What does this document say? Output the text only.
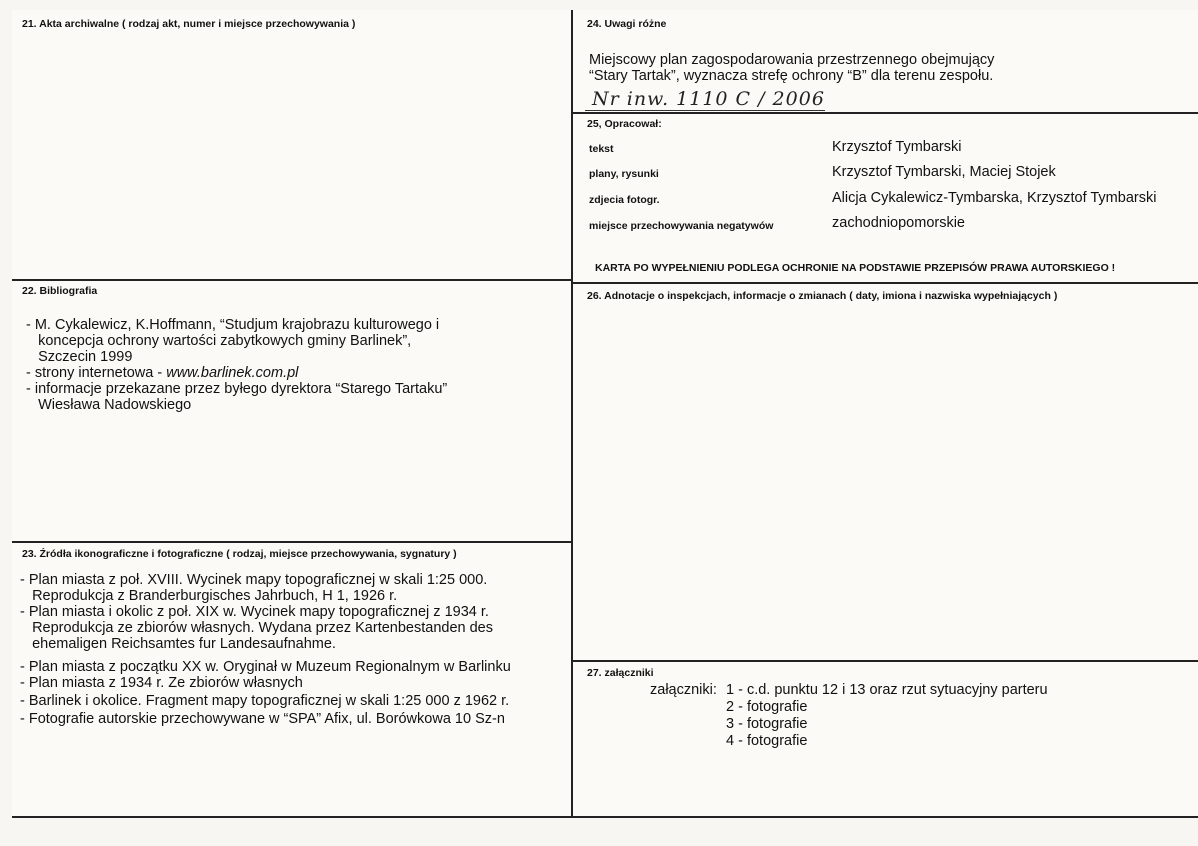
21. Akta archiwalne ( rodzaj akt, numer i miejsce przechowywania )	24. Uwagi różne
Miejscowy plan zagospodarowania przestrzennego obejmujący
“Stary Tartak”, wyznacza strefę ochrony “B” dla terenu zespołu.
Nr inw. 1110 C / 2006
25, Opracował:
tekst	Krzysztof Tymbarski
plany, rysunki	Krzysztof Tymbarski, Maciej Stojek
zdjecia fotogr.	Alicja Cykalewicz-Tymbarska, Krzysztof Tymbarski
miejsce przechowywania negatywów	zachodniopomorskie
KARTA PO WYPEŁNIENIU PODLEGA OCHRONIE NA PODSTAWIE PRZEPISÓW PRAWA AUTORSKIEGO !
22. Bibliografia
- M. Cykalewicz, K.Hoffmann, “Studjum krajobrazu kulturowego i
koncepcja ochrony wartości zabytkowych gminy Barlinek”,
Szczecin 1999
- strony internetowa - www.barlinek.com.pl
- informacje przekazane przez byłego dyrektora “Starego Tartaku”
Wiesława Nadowskiego
26. Adnotacje o inspekcjach, informacje o zmianach ( daty, imiona i nazwiska wypełniających )
23. Źródła ikonograficzne i fotograficzne ( rodzaj, miejsce przechowywania, sygnatury )
- Plan miasta z poł. XVIII. Wycinek mapy topograficznej w skali 1:25 000.
Reprodukcja z Branderburgisches Jahrbuch, H 1, 1926 r.
- Plan miasta i okolic z poł. XIX w. Wycinek mapy topograficznej z 1934 r.
Reprodukcja ze zbiorów własnych. Wydana przez Kartenbestanden des
ehemaligen Reichsamtes fur Landesaufnahme.
- Plan miasta z początku XX w. Oryginał w Muzeum Regionalnym w Barlinku
- Plan miasta z 1934 r. Ze zbiorów własnych
- Barlinek i okolice. Fragment mapy topograficznej w skali 1:25 000 z 1962 r.
- Fotografie autorskie przechowywane w “SPA” Afix, ul. Borówkowa 10 Sz-n
27. załączniki
załączniki: 1 - c.d. punktu 12 i 13 oraz rzut sytuacyjny parteru
2 - fotografie
3 - fotografie
4 - fotografie
